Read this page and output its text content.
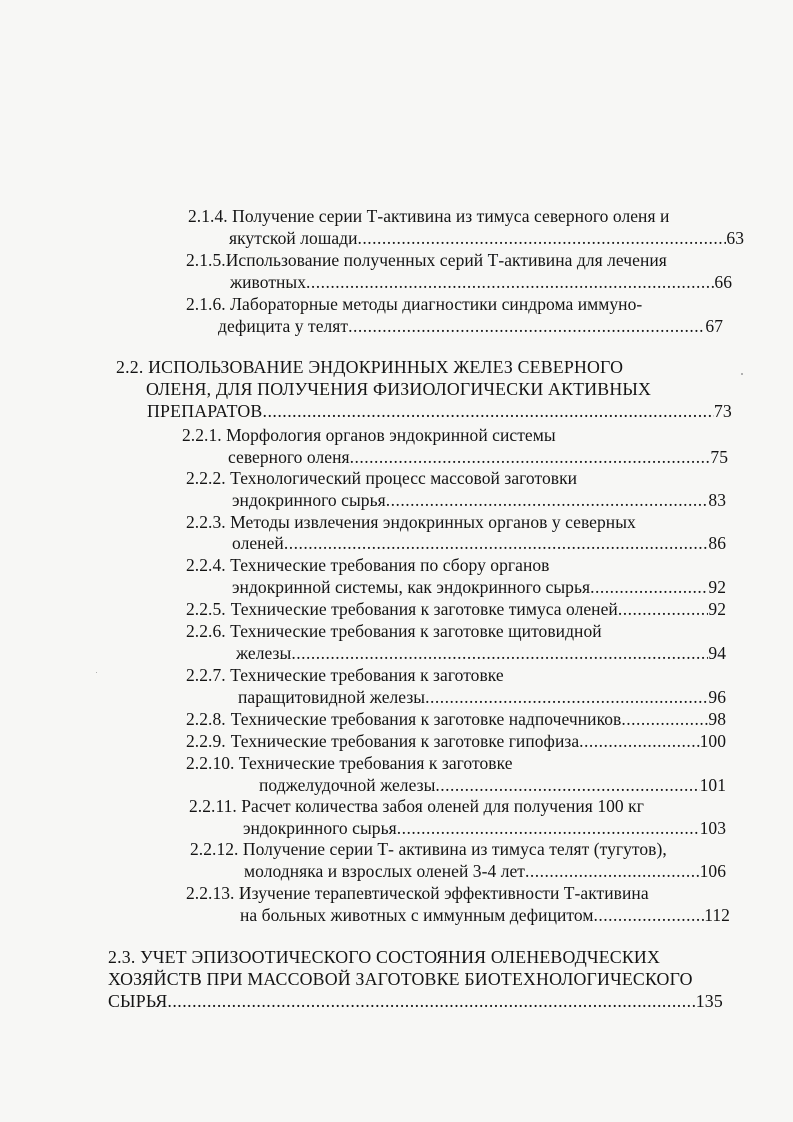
2.1.4. Получение серии Т-активина из тимуса северного оленя и
якутской лошади .....	63
2.1.5.Использование полученных серий Т-активина для лечения
животных .....	66
2.1.6. Лабораторные методы диагностики синдрома иммуно-
дефицита у телят .....	67
2.2. ИСПОЛЬЗОВАНИЕ ЭНДОКРИННЫХ ЖЕЛЕЗ СЕВЕРНОГО
ОЛЕНЯ, ДЛЯ ПОЛУЧЕНИЯ ФИЗИОЛОГИЧЕСКИ АКТИВНЫХ
ПРЕПАРАТОВ .....	73
2.2.1. Морфология органов эндокринной системы
северного оленя .....	75
2.2.2. Технологический процесс массовой заготовки
эндокринного сырья .....	83
2.2.3. Методы извлечения эндокринных органов у северных
оленей .....	86
2.2.4. Технические требования по сбору органов
эндокринной системы, как эндокринного сырья .....	92
2.2.5. Технические требования к заготовке тимуса оленей .....	92
2.2.6. Технические требования к заготовке щитовидной
железы .....	94
2.2.7. Технические требования к заготовке
паращитовидной железы .....	96
2.2.8. Технические требования к заготовке надпочечников .....	98
2.2.9. Технические требования к заготовке гипофиза .....	100
2.2.10. Технические требования к заготовке
поджелудочной железы .....	101
2.2.11. Расчет количества забоя оленей для получения 100 кг
эндокринного сырья .....	103
2.2.12. Получение серии Т- активина из тимуса телят (тугутов),
молодняка и взрослых оленей 3-4 лет .....	106
2.2.13. Изучение терапевтической эффективности Т-активина
на больных животных с иммунным дефицитом .....	112
2.3. УЧЕТ ЭПИЗООТИЧЕСКОГО СОСТОЯНИЯ ОЛЕНЕВОДЧЕСКИХ
ХОЗЯЙСТВ ПРИ МАССОВОЙ ЗАГОТОВКЕ БИОТЕХНОЛОГИЧЕСКОГО
СЫРЬЯ .....	135
